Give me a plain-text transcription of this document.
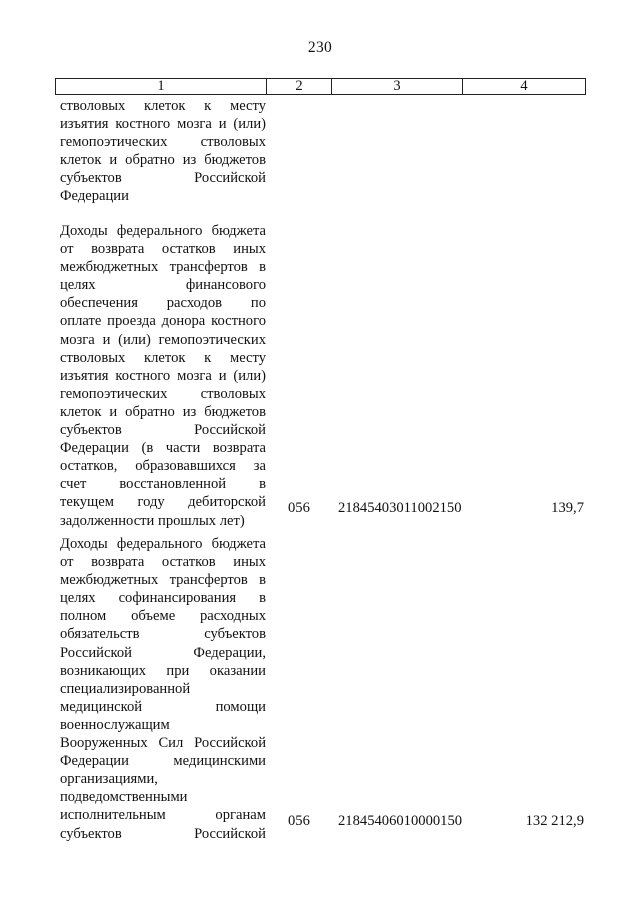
230
1	2	3	4
стволовых клеток к месту
изъятия костного мозга и (или)
гемопоэтических стволовых
клеток и обратно из бюджетов
субъектов Российской
Федерации
Доходы федерального бюджета
от возврата остатков иных
межбюджетных трансфертов в
целях финансового
обеспечения расходов по
оплате проезда донора костного
мозга и (или) гемопоэтических
стволовых клеток к месту
изъятия костного мозга и (или)
гемопоэтических стволовых
клеток и обратно из бюджетов
субъектов Российской
Федерации (в части возврата
остатков, образовавшихся за
счет восстановленной в
текущем году дебиторской
задолженности прошлых лет)
056 21845403011002150	139,7
Доходы федерального бюджета
от возврата остатков иных
межбюджетных трансфертов в
целях софинансирования в
полном объеме расходных
обязательств субъектов
Российской Федерации,
возникающих при оказании
специализированной
медицинской помощи
военнослужащим
Вооруженных Сил Российской
Федерации медицинскими
организациями,
подведомственными
исполнительным органам
субъектов Российской
056 21845406010000150	132 212,9
